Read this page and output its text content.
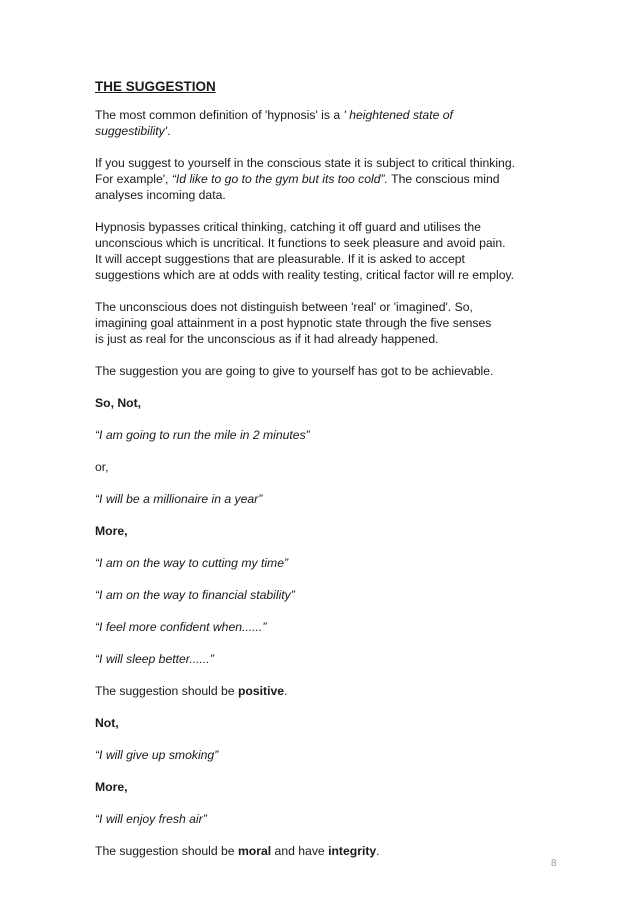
THE SUGGESTION

The most common definition of 'hypnosis' is a ' heightened state of
suggestibility'.

If you suggest to yourself in the conscious state it is subject to critical thinking.
For example', “Id like to go to the gym but its too cold”. The conscious mind
analyses incoming data.

Hypnosis bypasses critical thinking, catching it off guard and utilises the
unconscious which is uncritical. It functions to seek pleasure and avoid pain.
It will accept suggestions that are pleasurable. If it is asked to accept
suggestions which are at odds with reality testing, critical factor will re employ.

The unconscious does not distinguish between 'real' or 'imagined'. So,
imagining goal attainment in a post hypnotic state through the five senses
is just as real for the unconscious as if it had already happened.

The suggestion you are going to give to yourself has got to be achievable.

So, Not,

“I am going to run the mile in 2 minutes”

or,

“I will be a millionaire in a year”

More,

“I am on the way to cutting my time”

“I am on the way to financial stability”

“I feel more confident when......”

“I will sleep better......”

The suggestion should be positive.

Not,

“I will give up smoking”

More,

“I will enjoy fresh air”

The suggestion should be moral and have integrity.

8
